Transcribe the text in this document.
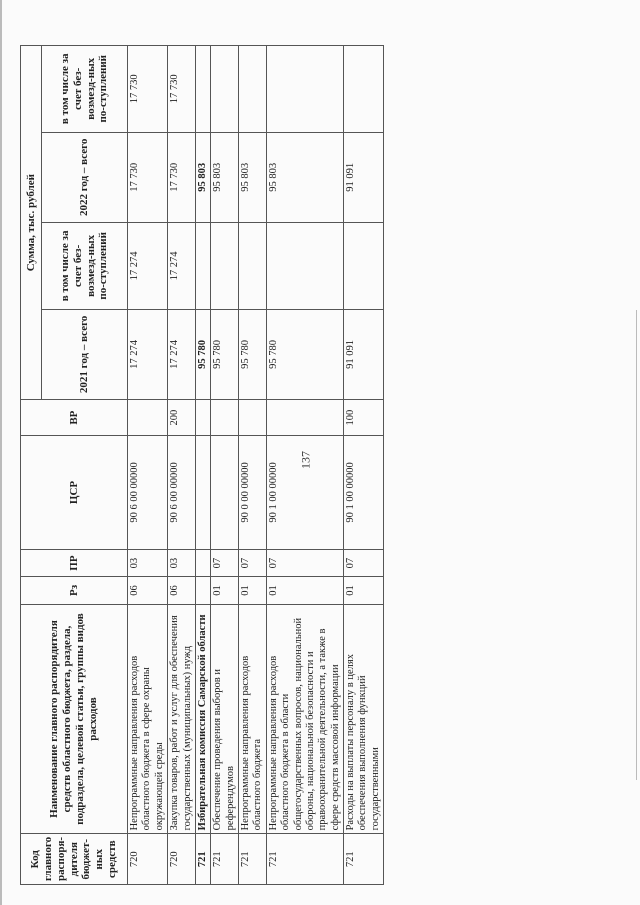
137
Код главного распоря-дителя бюджет-ных средств	Наименование главного распорядителя средств областного бюджета, раздела, подраздела, целевой статьи, группы видов расходов	Рз	ПР	ЦСР	ВР	Сумма, тыс. рублей			
						2021 год – всего	в том числе за счет без-возмезд-ных по-ступлений	2022 год – всего	в том числе за счет без-возмезд-ных по-ступлений
720	Непрограммные направления расходов областного бюджета в сфере охраны окружающей среды	06	03	90 6 00 00000		17 274	17 274	17 730	17 730
720	Закупка товаров, работ и услуг для обеспечения государственных (муниципальных) нужд	06	03	90 6 00 00000	200	17 274	17 274	17 730	17 730
721	Избирательная комиссия Самарской области					95 780		95 803	
721	Обеспечение проведения выборов и референдумов	01	07			95 780		95 803	
721	Непрограммные направления расходов областного бюджета	01	07	90 0 00 00000		95 780		95 803	
721	Непрограммные направления расходов областного бюджета в области общегосударственных вопросов, национальной обороны, национальной безопасности и правоохранительной деятельности, а также в сфере средств массовой информации	01	07	90 1 00 00000		95 780		95 803	
721	Расходы на выплаты персоналу в целях обеспечения выполнения функций государственными	01	07	90 1 00 00000	100	91 091		91 091	
